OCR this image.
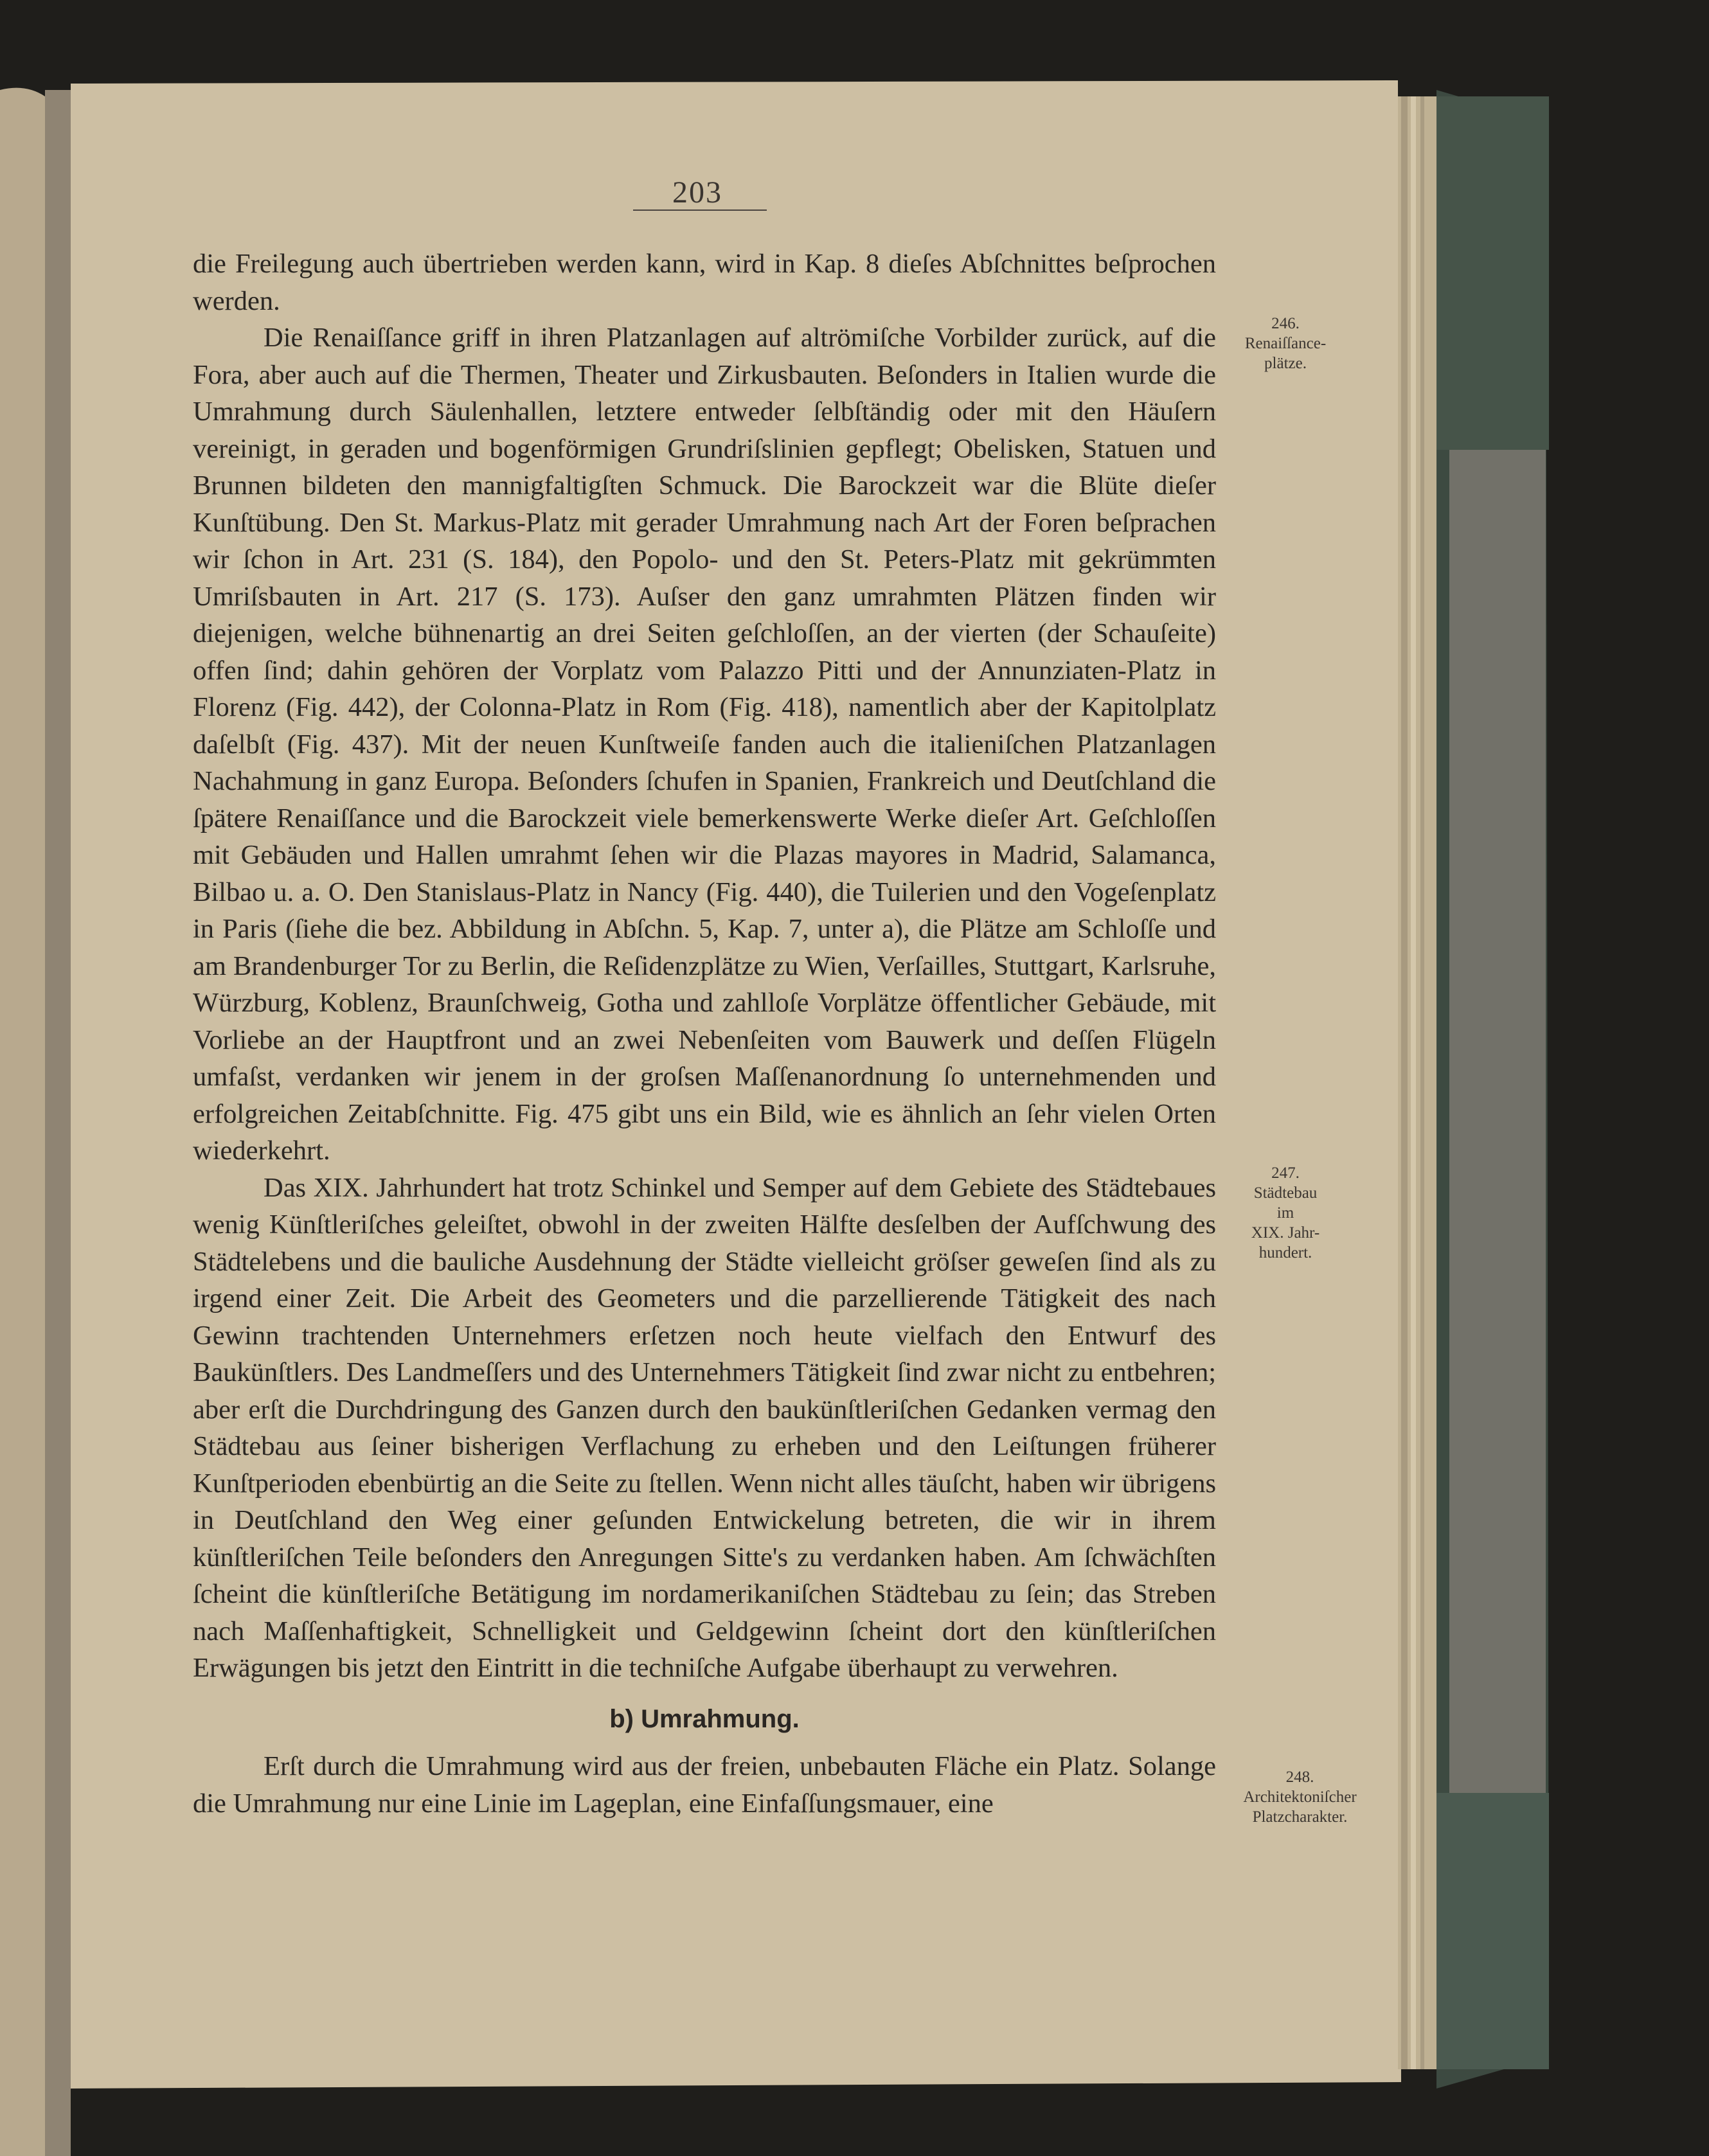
203
246.
Renaiſſance-
plätze.
247.
Städtebau
im
XIX. Jahr-
hundert.
248.
Architektoniſcher
Platzcharakter.

die Freilegung auch übertrieben werden kann, wird in Kap. 8 dieſes Abſchnittes beſprochen werden.

Die Renaiſſance griff in ihren Platzanlagen auf altrömiſche Vorbilder zurück, auf die Fora, aber auch auf die Thermen, Theater und Zirkusbauten. Beſonders in Italien wurde die Umrahmung durch Säulenhallen, letztere entweder ſelbſtändig oder mit den Häuſern vereinigt, in geraden und bogenförmigen Grundriſslinien gepflegt; Obelisken, Statuen und Brunnen bildeten den mannigfaltigſten Schmuck. Die Barockzeit war die Blüte dieſer Kunſtübung. Den St. Markus-Platz mit gerader Umrahmung nach Art der Foren beſprachen wir ſchon in Art. 231 (S. 184), den Popolo- und den St. Peters-Platz mit gekrümmten Umriſsbauten in Art. 217 (S. 173). Auſser den ganz umrahmten Plätzen finden wir diejenigen, welche bühnenartig an drei Seiten geſchloſſen, an der vierten (der Schauſeite) offen ſind; dahin gehören der Vorplatz vom Palazzo Pitti und der Annunziaten-Platz in Florenz (Fig. 442), der Colonna-Platz in Rom (Fig. 418), namentlich aber der Kapitolplatz daſelbſt (Fig. 437). Mit der neuen Kunſtweiſe fanden auch die italieniſchen Platzanlagen Nachahmung in ganz Europa. Beſonders ſchufen in Spanien, Frankreich und Deutſchland die ſpätere Renaiſſance und die Barockzeit viele bemerkenswerte Werke dieſer Art. Geſchloſſen mit Gebäuden und Hallen umrahmt ſehen wir die Plazas mayores in Madrid, Salamanca, Bilbao u. a. O. Den Stanislaus-Platz in Nancy (Fig. 440), die Tuilerien und den Vogeſenplatz in Paris (ſiehe die bez. Abbildung in Abſchn. 5, Kap. 7, unter a), die Plätze am Schloſſe und am Brandenburger Tor zu Berlin, die Reſidenzplätze zu Wien, Verſailles, Stuttgart, Karlsruhe, Würzburg, Koblenz, Braunſchweig, Gotha und zahlloſe Vorplätze öffentlicher Gebäude, mit Vorliebe an der Hauptfront und an zwei Nebenſeiten vom Bauwerk und deſſen Flügeln umfaſst, verdanken wir jenem in der groſsen Maſſenanordnung ſo unternehmenden und erfolgreichen Zeitabſchnitte. Fig. 475 gibt uns ein Bild, wie es ähnlich an ſehr vielen Orten wiederkehrt.

Das XIX. Jahrhundert hat trotz Schinkel und Semper auf dem Gebiete des Städtebaues wenig Künſtleriſches geleiſtet, obwohl in der zweiten Hälfte desſelben der Aufſchwung des Städtelebens und die bauliche Ausdehnung der Städte vielleicht gröſser geweſen ſind als zu irgend einer Zeit. Die Arbeit des Geometers und die parzellierende Tätigkeit des nach Gewinn trachtenden Unternehmers erſetzen noch heute vielfach den Entwurf des Baukünſtlers. Des Landmeſſers und des Unternehmers Tätigkeit ſind zwar nicht zu entbehren; aber erſt die Durchdringung des Ganzen durch den baukünſtleriſchen Gedanken vermag den Städtebau aus ſeiner bisherigen Verflachung zu erheben und den Leiſtungen früherer Kunſtperioden ebenbürtig an die Seite zu ſtellen. Wenn nicht alles täuſcht, haben wir übrigens in Deutſchland den Weg einer geſunden Entwickelung betreten, die wir in ihrem künſtleriſchen Teile beſonders den Anregungen Sitte's zu verdanken haben. Am ſchwächſten ſcheint die künſtleriſche Betätigung im nordamerikaniſchen Städtebau zu ſein; das Streben nach Maſſenhaftigkeit, Schnelligkeit und Geldgewinn ſcheint dort den künſtleriſchen Erwägungen bis jetzt den Eintritt in die techniſche Aufgabe überhaupt zu verwehren.

b) Umrahmung.

Erſt durch die Umrahmung wird aus der freien, unbebauten Fläche ein Platz. Solange die Umrahmung nur eine Linie im Lageplan, eine Einfaſſungsmauer, eine
